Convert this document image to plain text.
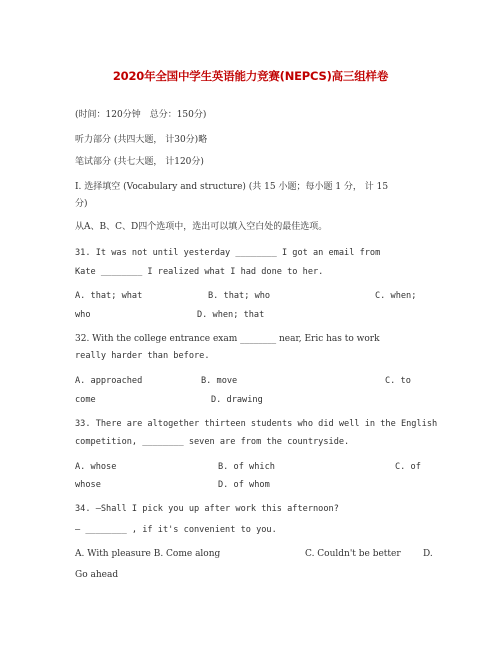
2020年全国中学生英语能力竞赛(NEPCS)高三组样卷
(时间：120分钟　总分：150分)
听力部分 (共四大题， 计30分)略
笔试部分 (共七大题， 计120分)
I. 选择填空 (Vocabulary and structure) (共 15 小题；每小题 1 分， 计 15
分)
从A、B、C、D四个选项中，选出可以填入空白处的最佳选项。
31. It was not until yesterday ________ I got an email from
Kate ________ I realized what I had done to her.
A. that; what	B. that; who	C. when;
who	D. when; that
32. With the college entrance exam ________ near, Eric has to work
really harder than before.
A. approached	B. move	C. to
come	D. drawing
33. There are altogether thirteen students who did well in the English
competition, ________ seven are from the countryside.
A. whose	B. of which	C. of
whose	D. of whom
34. —Shall I pick you up after work this afternoon?
— ________ , if it's convenient to you.
A. With pleasure B. Come along	C. Couldn't be better D.
Go ahead
